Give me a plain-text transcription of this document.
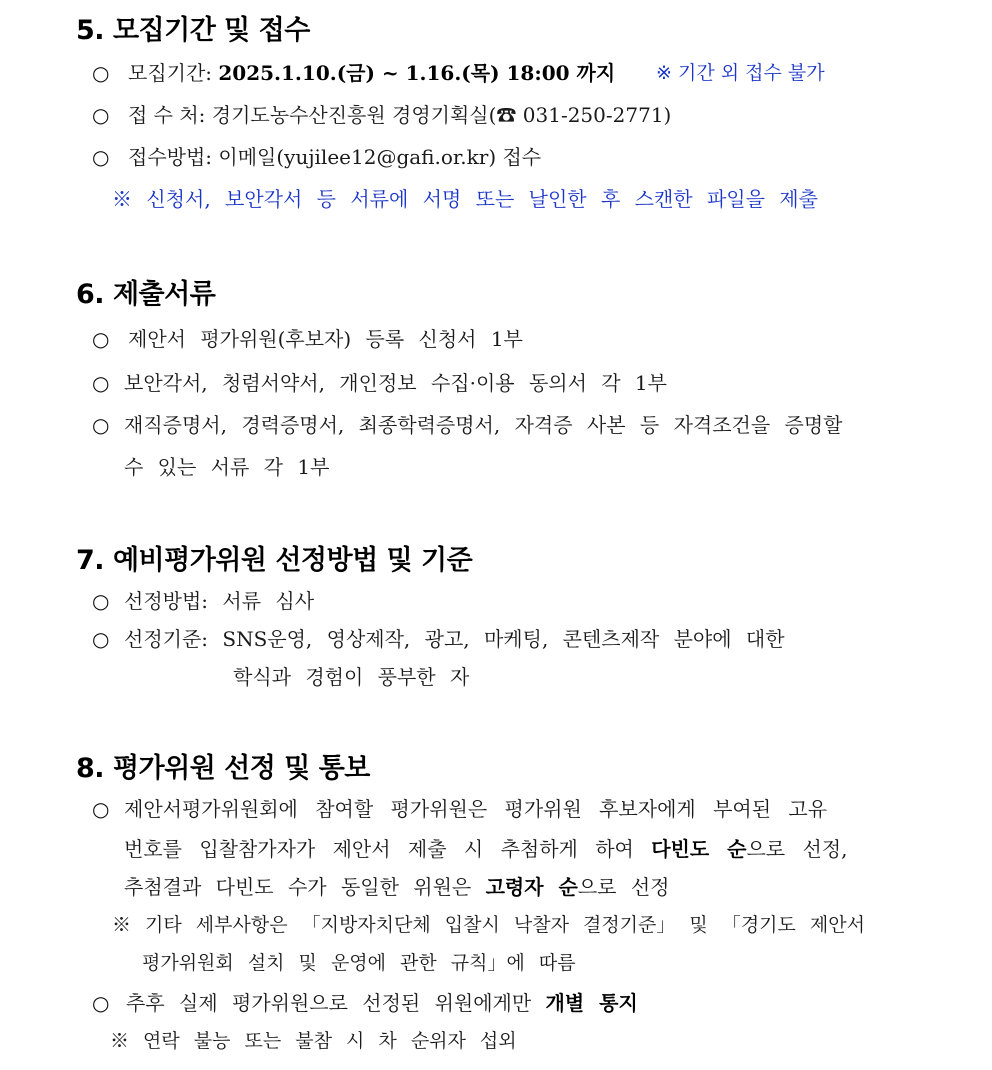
5. 모집기간 및 접수
○ 모집기간: 2025.1.10.(금) ~ 1.16.(목) 18:00 까지 ※ 기간 외 접수 불가
○ 접 수 처: 경기도농수산진흥원 경영기획실(☎ 031-250-2771)
○ 접수방법: 이메일(yujilee12@gafi.or.kr) 접수
※ 신청서, 보안각서 등 서류에 서명 또는 날인한 후 스캔한 파일을 제출
6. 제출서류
○ 제안서 평가위원(후보자) 등록 신청서 1부
○ 보안각서, 청렴서약서, 개인정보 수집·이용 동의서 각 1부
○ 재직증명서, 경력증명서, 최종학력증명서, 자격증 사본 등 자격조건을 증명할
수 있는 서류 각 1부
7. 예비평가위원 선정방법 및 기준
○ 선정방법: 서류 심사
○ 선정기준: SNS운영, 영상제작, 광고, 마케팅, 콘텐츠제작 분야에 대한
학식과 경험이 풍부한 자
8. 평가위원 선정 및 통보
○ 제안서평가위원회에 참여할 평가위원은 평가위원 후보자에게 부여된 고유
번호를 입찰참가자가 제안서 제출 시 추첨하게 하여 다빈도 순으로 선정,
추첨결과 다빈도 수가 동일한 위원은 고령자 순으로 선정
※ 기타 세부사항은 「지방자치단체 입찰시 낙찰자 결정기준」 및 「경기도 제안서
평가위원회 설치 및 운영에 관한 규칙」에 따름
○ 추후 실제 평가위원으로 선정된 위원에게만 개별 통지
※ 연락 불능 또는 불참 시 차 순위자 섭외
